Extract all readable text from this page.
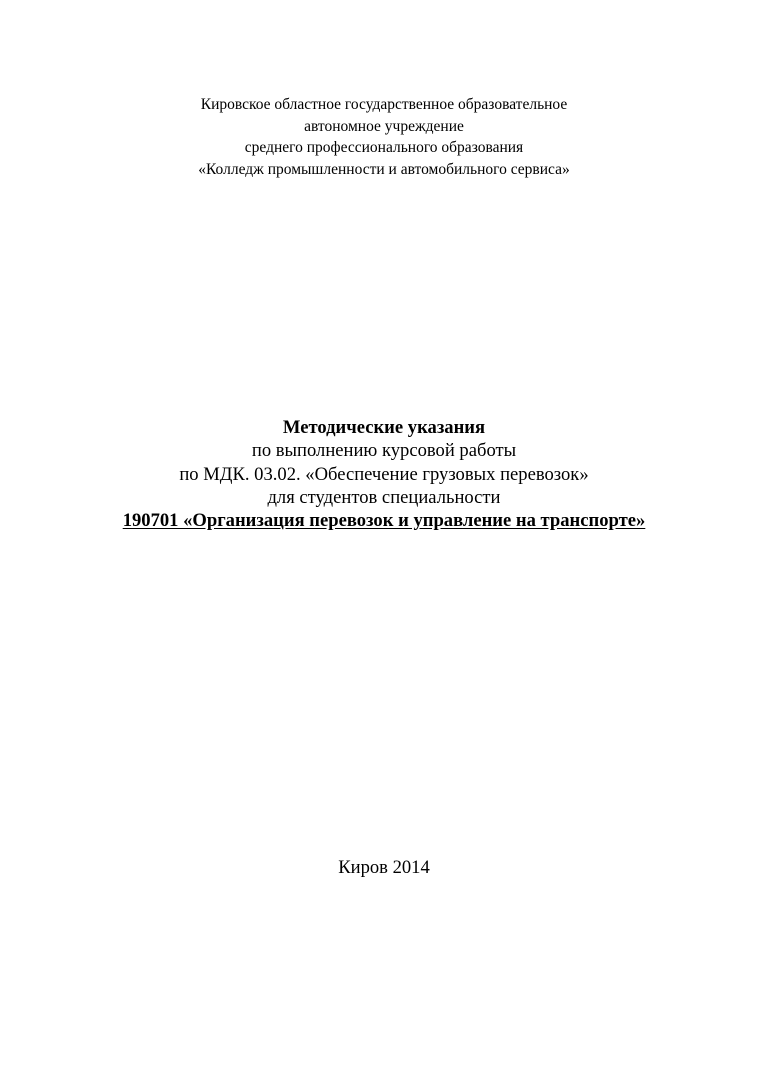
Кировское областное государственное образовательное
автономное учреждение
среднего профессионального образования
«Колледж промышленности и автомобильного сервиса»
Методические указания
по выполнению курсовой работы
по МДК. 03.02. «Обеспечение грузовых перевозок»
для студентов специальности
190701 «Организация перевозок и управление на транспорте»
Киров 2014
